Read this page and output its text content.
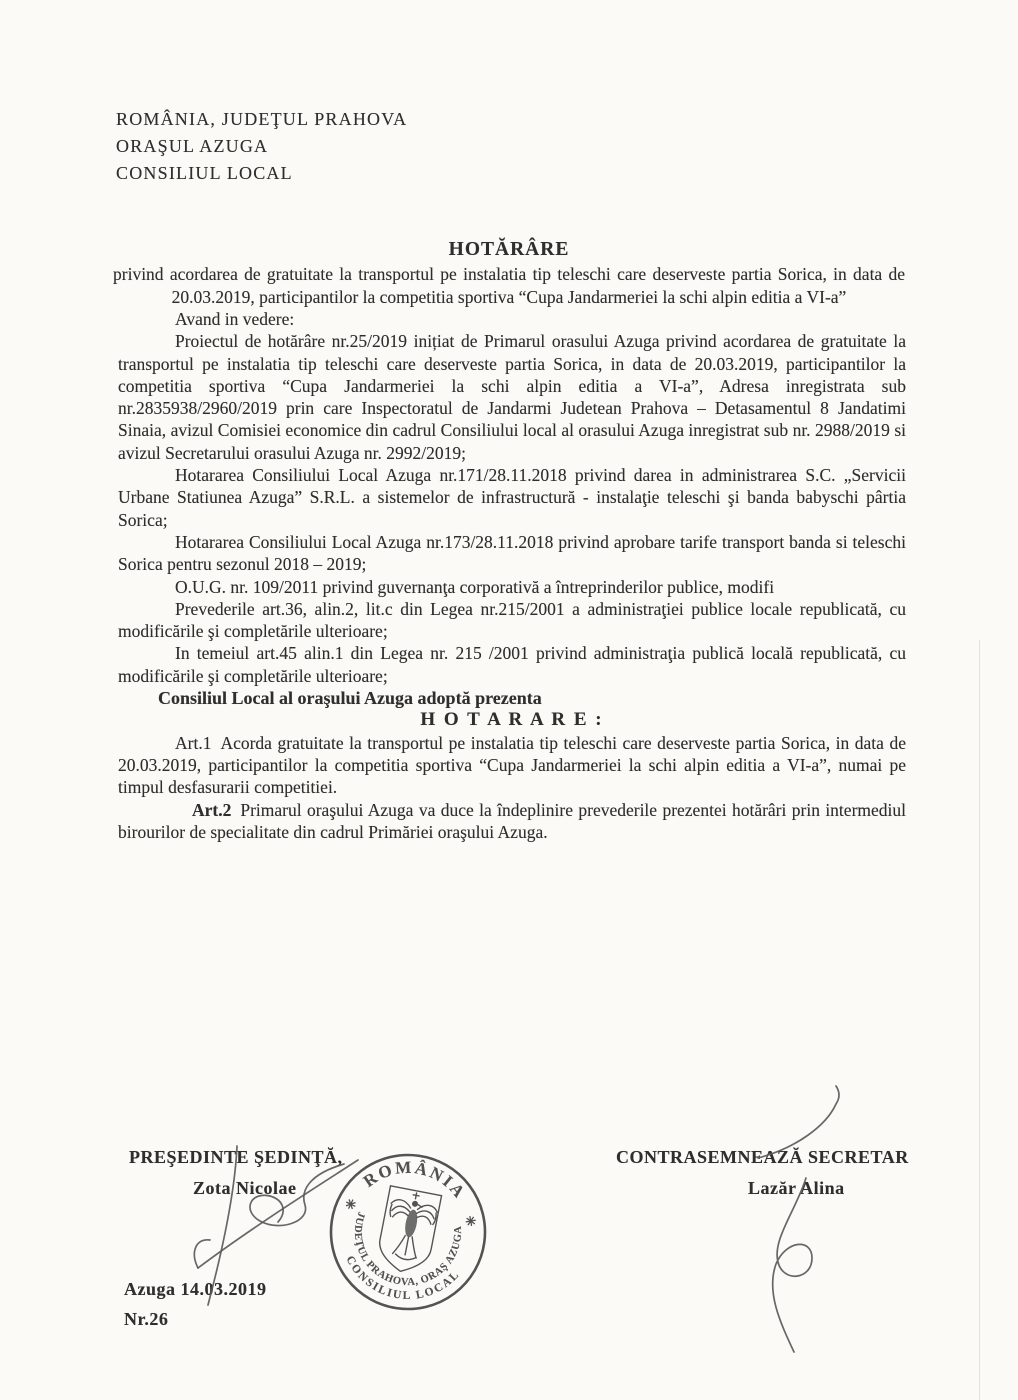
ROMÂNIA, JUDEŢUL PRAHOVA
ORAŞUL AZUGA
CONSILIUL LOCAL
HOTĂRÂRE
privind acordarea de gratuitate la transportul pe instalatia tip teleschi care deserveste partia Sorica, in data de 20.03.2019, participantilor la competitia sportiva “Cupa Jandarmeriei la schi alpin editia a VI-a”

Avand in vedere:

Proiectul de hotărâre nr.25/2019 inițiat de Primarul orasului Azuga privind acordarea de gratuitate la transportul pe instalatia tip teleschi care deserveste partia Sorica, in data de 20.03.2019, participantilor la competitia sportiva “Cupa Jandarmeriei la schi alpin editia a VI-a”, Adresa inregistrata sub nr.2835938/2960/2019 prin care Inspectoratul de Jandarmi Judetean Prahova – Detasamentul 8 Jandatimi Sinaia, avizul Comisiei economice din cadrul Consiliului local al orasului Azuga inregistrat sub nr. 2988/2019 si avizul Secretarului orasului Azuga nr. 2992/2019;

Hotararea Consiliului Local Azuga nr.171/28.11.2018 privind darea in administrarea S.C. „Servicii Urbane Statiunea Azuga” S.R.L. a sistemelor de infrastructură - instalaţie teleschi şi banda babyschi pârtia Sorica;

Hotararea Consiliului Local Azuga nr.173/28.11.2018 privind aprobare tarife transport banda si teleschi Sorica pentru sezonul 2018 – 2019;

O.U.G. nr. 109/2011 privind guvernanţa corporativă a întreprinderilor publice, modifi

Prevederile art.36, alin.2, lit.c din Legea nr.215/2001 a administraţiei publice locale republicată, cu modificările şi completările ulterioare;

In temeiul art.45 alin.1 din Legea nr. 215 /2001 privind administraţia publică locală republicată, cu modificările şi completările ulterioare;

Consiliul Local al oraşului Azuga adoptă prezenta

H O T A R A R E :

Art.1 Acorda gratuitate la transportul pe instalatia tip teleschi care deserveste partia Sorica, in data de 20.03.2019, participantilor la competitia sportiva “Cupa Jandarmeriei la schi alpin editia a VI-a”, numai pe timpul desfasurarii competitiei.

Art.2 Primarul oraşului Azuga va duce la îndeplinire prevederile prezentei hotărâri prin intermediul birourilor de specialitate din cadrul Primăriei oraşului Azuga.

PREŞEDINTE ŞEDINŢĂ,
Zota Nicolae
CONTRASEMNEAZĂ SECRETAR
Lazăr Alina
Azuga 14.03.2019
Nr.26
ROMÂNIA
✳
✳
JUDEŢUL PRAHOVA, ORAŞ AZUGA
CONSILIUL LOCAL
